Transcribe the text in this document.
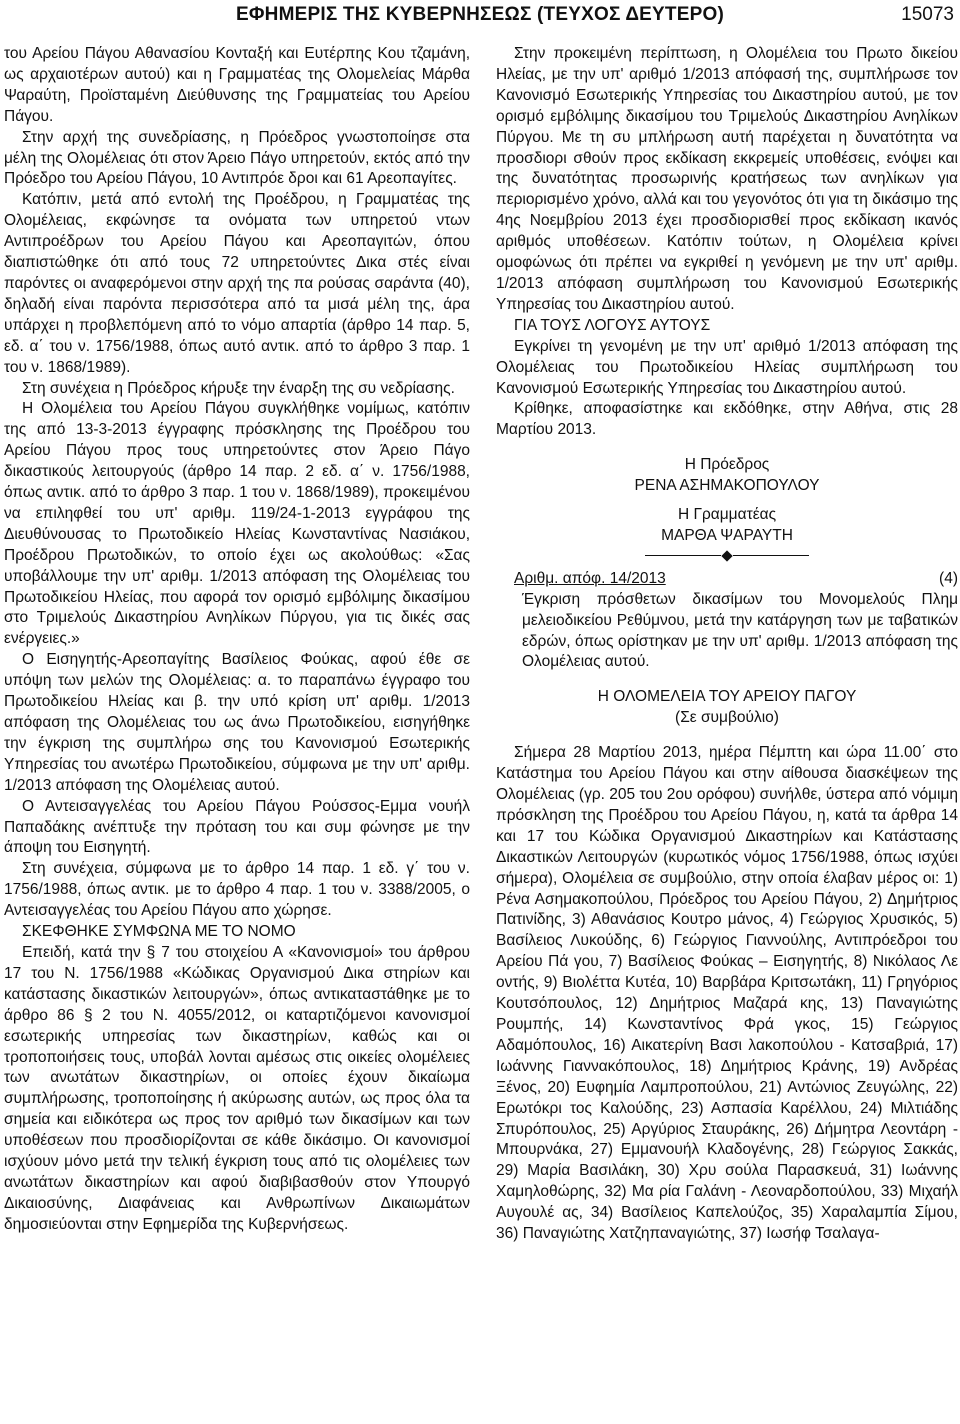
ΕΦΗΜΕΡΙΣ ΤΗΣ ΚΥΒΕΡΝΗΣΕΩΣ (ΤΕΥΧΟΣ ΔΕΥΤΕΡΟ)	15073

του Αρείου Πάγου Αθανασίου Κονταξή και Ευτέρπης Κου τζαμάνη, ως αρχαιοτέρων αυτού) και η Γραμματέας της Ολομελείας Μάρθα Ψαραύτη, Προϊσταμένη Διεύθυνσης της Γραμματείας του Αρείου Πάγου.

Στην αρχή της συνεδρίασης, η Πρόεδρος γνωστοποίησε στα μέλη της Ολομέλειας ότι στον Άρειο Πάγο υπηρετούν, εκτός από την Πρόεδρο του Αρείου Πάγου, 10 Αντιπρόε δροι και 61 Αρεοπαγίτες.

Κατόπιν, μετά από εντολή της Προέδρου, η Γραμματέας της Ολομέλειας, εκφώνησε τα ονόματα των υπηρετού ντων Αντιπροέδρων του Αρείου Πάγου και Αρεοπαγιτών, όπου διαπιστώθηκε ότι από τους 72 υπηρετούντες Δικα στές είναι παρόντες οι αναφερόμενοι στην αρχή της πα ρούσας σαράντα (40), δηλαδή είναι παρόντα περισσότερα από τα μισά μέλη της, άρα υπάρχει η προβλεπόμενη από το νόμο απαρτία (άρθρο 14 παρ. 5, εδ. α΄ του ν. 1756/1988, όπως αυτό αντικ. από το άρθρο 3 παρ. 1 του ν. 1868/1989).

Στη συνέχεια η Πρόεδρος κήρυξε την έναρξη της συ νεδρίασης.

Η Ολομέλεια του Αρείου Πάγου συγκλήθηκε νομίμως, κατόπιν της από 13-3-2013 έγγραφης πρόσκλησης της Προέδρου του Αρείου Πάγου προς τους υπηρετούντες στον Άρειο Πάγο δικαστικούς λειτουργούς (άρθρο 14 παρ. 2 εδ. α΄ ν. 1756/1988, όπως αντικ. από το άρθρο 3 παρ. 1 του ν. 1868/1989), προκειμένου να επιληφθεί του υπ' αριθμ. 119/24-1-2013 εγγράφου της Διευθύνουσας το Πρωτοδικείο Ηλείας Κωνσταντίνας Νασιάκου, Προέδρου Πρωτοδικών, το οποίο έχει ως ακολούθως: «Σας υποβάλλουμε την υπ' αριθμ. 1/2013 απόφαση της Ολομέλειας του Πρωτοδικείου Ηλείας, που αφορά τον ορισμό εμβόλιμης δικασίμου στο Τριμελούς Δικαστηρίου Ανηλίκων Πύργου, για τις δικές σας ενέργειες.»

Ο Εισηγητής-Αρεοπαγίτης Βασίλειος Φούκας, αφού έθε σε υπόψη των μελών της Ολομέλειας: α. το παραπάνω έγγραφο του Πρωτοδικείου Ηλείας και β. την υπό κρίση υπ' αριθμ. 1/2013 απόφαση της Ολομέλειας του ως άνω Πρωτοδικείου, εισηγήθηκε την έγκριση της συμπλήρω σης του Κανονισμού Εσωτερικής Υπηρεσίας του ανωτέρω Πρωτοδικείου, σύμφωνα με την υπ' αριθμ. 1/2013 απόφαση της Ολομέλειας αυτού.

Ο Αντεισαγγελέας του Αρείου Πάγου Ρούσσος-Εμμα νουήλ Παπαδάκης ανέπτυξε την πρόταση του και συμ φώνησε με την άποψη του Εισηγητή.

Στη συνέχεια, σύμφωνα με το άρθρο 14 παρ. 1 εδ. γ΄ του ν. 1756/1988, όπως αντικ. με το άρθρο 4 παρ. 1 του ν. 3388/2005, ο Αντεισαγγελέας του Αρείου Πάγου απο χώρησε.

ΣΚΕΦΘΗΚΕ ΣΥΜΦΩΝΑ ΜΕ ΤΟ ΝΟΜΟ

Επειδή, κατά την § 7 του στοιχείου Α «Κανονισμοί» του άρθρου 17 του Ν. 1756/1988 «Κώδικας Οργανισμού Δικα στηρίων και κατάστασης δικαστικών λειτουργών», όπως αντικαταστάθηκε με το άρθρο 86 § 2 του Ν. 4055/2012, οι καταρτιζόμενοι κανονισμοί εσωτερικής υπηρεσίας των δικαστηρίων, καθώς και οι τροποποιήσεις τους, υποβάλ λονται αμέσως στις οικείες ολομέλειες των ανωτάτων δικαστηρίων, οι οποίες έχουν δικαίωμα συμπλήρωσης, τροποποίησης ή ακύρωσης αυτών, ως προς όλα τα σημεία και ειδικότερα ως προς τον αριθμό των δικασίμων και των υποθέσεων που προσδιορίζονται σε κάθε δικάσιμο. Οι κανονισμοί ισχύουν μόνο μετά την τελική έγκριση τους από τις ολομέλειες των ανωτάτων δικαστηρίων και αφού διαβιβασθούν στον Υπουργό Δικαιοσύνης, Διαφάνειας και Ανθρωπίνων Δικαιωμάτων δημοσιεύονται στην Εφημερίδα της Κυβερνήσεως.

Στην προκειμένη περίπτωση, η Ολομέλεια του Πρωτο δικείου Ηλείας, με την υπ' αριθμό 1/2013 απόφασή της, συμπλήρωσε τον Κανονισμό Εσωτερικής Υπηρεσίας του Δικαστηρίου αυτού, με τον ορισμό εμβόλιμης δικασίμου του Τριμελούς Δικαστηρίου Ανηλίκων Πύργου. Με τη συ μπλήρωση αυτή παρέχεται η δυνατότητα να προσδιορι σθούν προς εκδίκαση εκκρεμείς υποθέσεις, ενόψει και της δυνατότητας προσωρινής κρατήσεως των ανηλίκων για περιορισμένο χρόνο, αλλά και του γεγονότος ότι για τη δικάσιμο της 4ης Νοεμβρίου 2013 έχει προσδιορισθεί προς εκδίκαση ικανός αριθμός υποθέσεων. Κατόπιν τούτων, η Ολομέλεια κρίνει ομοφώνως ότι πρέπει να εγκριθεί η γενόμενη με την υπ' αριθμ. 1/2013 απόφαση συμπλήρωση του Κανονισμού Εσωτερικής Υπηρεσίας του Δικαστηρίου αυτού.

ΓΙΑ ΤΟΥΣ ΛΟΓΟΥΣ ΑΥΤΟΥΣ

Εγκρίνει τη γενομένη με την υπ' αριθμό 1/2013 απόφαση της Ολομέλειας του Πρωτοδικείου Ηλείας συμπλήρωση του Κανονισμού Εσωτερικής Υπηρεσίας του Δικαστηρίου αυτού.

Κρίθηκε, αποφασίστηκε και εκδόθηκε, στην Αθήνα, στις 28 Μαρτίου 2013.

Η Πρόεδρος

ΡΕΝΑ ΑΣΗΜΑΚΟΠΟΥΛΟΥ

Η Γραμματέας

ΜΑΡΘΑ ΨΑΡΑΥΤΗ

Αριθμ. απόφ. 14/2013	(4)

Έγκριση πρόσθετων δικασίμων του Μονομελούς Πλημ μελειοδικείου Ρεθύμνου, μετά την κατάργηση των με ταβατικών εδρών, όπως ορίστηκαν με την υπ' αριθμ. 1/2013 απόφαση της Ολομέλειας αυτού.

Η ΟΛΟΜΕΛΕΙΑ ΤΟΥ ΑΡΕΙΟΥ ΠΑΓΟΥ

(Σε συμβούλιο)

Σήμερα 28 Μαρτίου 2013, ημέρα Πέμπτη και ώρα 11.00΄ στο Κατάστημα του Αρείου Πάγου και στην αίθουσα διασκέψεων της Ολομέλειας (γρ. 205 του 2ου ορόφου) συνήλθε, ύστερα από νόμιμη πρόσκληση της Προέδρου του Αρείου Πάγου, η, κατά τα άρθρα 14 και 17 του Κώδικα Οργανισμού Δικαστηρίων και Κατάστασης Δικαστικών Λειτουργών (κυρωτικός νόμος 1756/1988, όπως ισχύει σήμερα), Ολομέλεια σε συμβούλιο, στην οποία έλαβαν μέρος οι: 1) Ρένα Ασημακοπούλου, Πρόεδρος του Αρείου Πάγου, 2) Δημήτριος Πατινίδης, 3) Αθανάσιος Κουτρο μάνος, 4) Γεώργιος Χρυσικός, 5) Βασίλειος Λυκούδης, 6) Γεώργιος Γιαννούλης, Αντιπρόεδροι του Αρείου Πά γου, 7) Βασίλειος Φούκας – Εισηγητής, 8) Νικόλαος Λε οντής, 9) Βιολέττα Κυτέα, 10) Βαρβάρα Κριτσωτάκη, 11) Γρηγόριος Κουτσόπουλος, 12) Δημήτριος Μαζαρά κης, 13) Παναγιώτης Ρουμπής, 14) Κωνσταντίνος Φρά γκος, 15) Γεώργιος Αδαμόπουλος, 16) Αικατερίνη Βασι λακοπούλου - Κατσαβριά, 17) Ιωάννης Γιαννακόπουλος, 18) Δημήτριος Κράνης, 19) Ανδρέας Ξένος, 20) Ευφημία Λαμπροπούλου, 21) Αντώνιος Ζευγώλης, 22) Ερωτόκρι τος Καλούδης, 23) Ασπασία Καρέλλου, 24) Μιλτιάδης Σπυρόπουλος, 25) Αργύριος Σταυράκης, 26) Δήμητρα Λεοντάρη - Μπουρνάκα, 27) Εμμανουήλ Κλαδογένης, 28) Γεώργιος Σακκάς, 29) Μαρία Βασιλάκη, 30) Χρυ σούλα Παρασκευά, 31) Ιωάννης Χαμηλοθώρης, 32) Μα ρία Γαλάνη - Λεοναρδοπούλου, 33) Μιχαήλ Αυγουλέ ας, 34) Βασίλειος Καπελούζος, 35) Χαραλαμπία Σίμου, 36) Παναγιώτης Χατζηπαναγιώτης, 37) Ιωσήφ Τσαλαγα-
